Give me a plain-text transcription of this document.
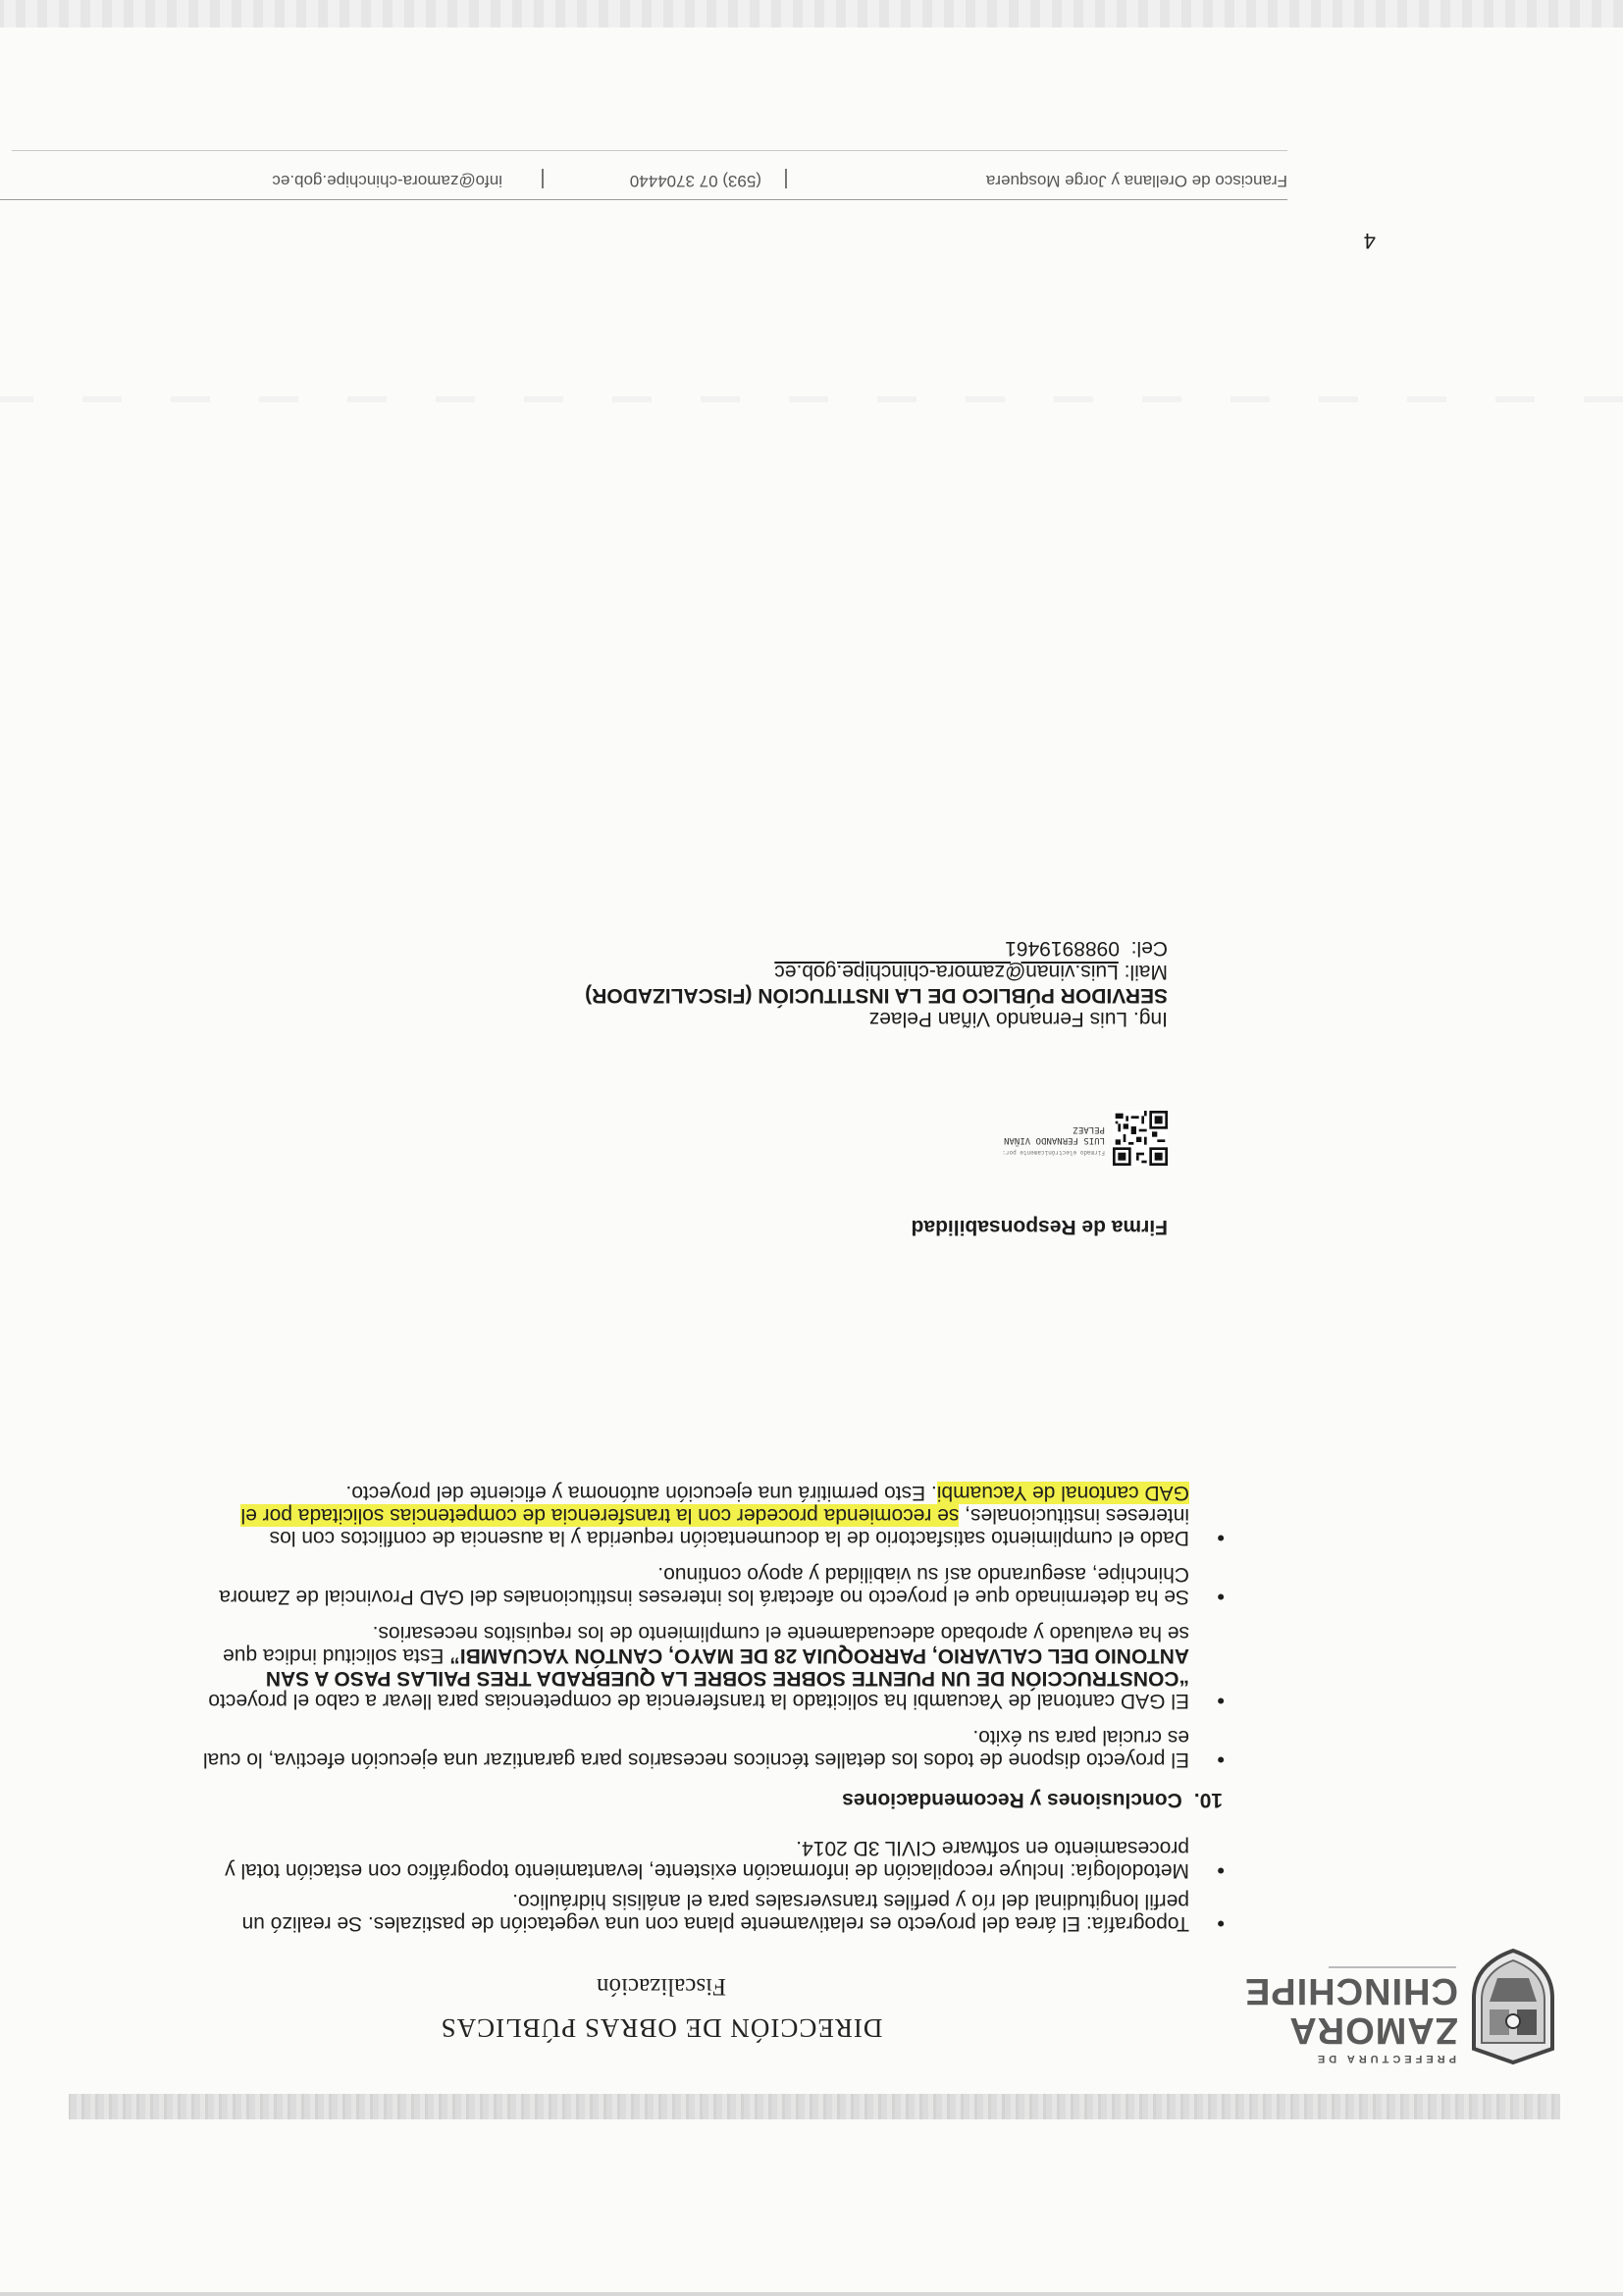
PREFECTURA DE
ZAMORA
CHINCHIPE
DIRECCIÓN DE OBRAS PÚBLICAS
Fiscalización
• Topografía: El área del proyecto es relativamente plana con una vegetación de pastizales. Se realizó un perfil longitudinal del río y perfiles transversales para el análisis hidráulico.
• Metodología: Incluye recopilación de información existente, levantamiento topográfico con estación total y procesamiento en software CIVIL 3D 2014.
10.Conclusiones y Recomendaciones
• El proyecto dispone de todos los detalles técnicos necesarios para garantizar una ejecución efectiva, lo cual es crucial para su éxito.
• El GAD cantonal de Yacuambi ha solicitado la transferencia de competencias para llevar a cabo el proyecto “CONSTRUCCIÓN DE UN PUENTE SOBRE SOBRE LA QUEBRADA TRES PAILAS PASO A SAN ANTONIO DEL CALVARIO, PARROQUIA 28 DE MAYO, CANTÓN YACUAMBI” Esta solicitud indica que se ha evaluado y aprobado adecuadamente el cumplimiento de los requisitos necesarios.
• Se ha determinado que el proyecto no afectará los intereses institucionales del GAD Provincial de Zamora Chinchipe, asegurando así su viabilidad y apoyo continuo.
• Dado el cumplimiento satisfactorio de la documentación requerida y la ausencia de conflictos con los intereses institucionales, se recomienda proceder con la transferencia de competencias solicitada por el GAD cantonal de Yacuambi. Esto permitirá una ejecución autónoma y eficiente del proyecto.
Firma de Responsabilidad
Firmado electrónicamente por:
LUIS FERNANDO VIÑAN
PELAEZ
Ing. Luis Fernando Viñan Pelaez
SERVIDOR PÚBLICO DE LA INSTITUCIÓN (FISCALIZADOR)
Mail: Luis.vinan@zamora-chinchipe.gob.ec
Cel:  0988919461
4
Francisco de Orellana y Jorge Mosquera
(593) 07 3704440
info@zamora-chinchipe.gob.ec
